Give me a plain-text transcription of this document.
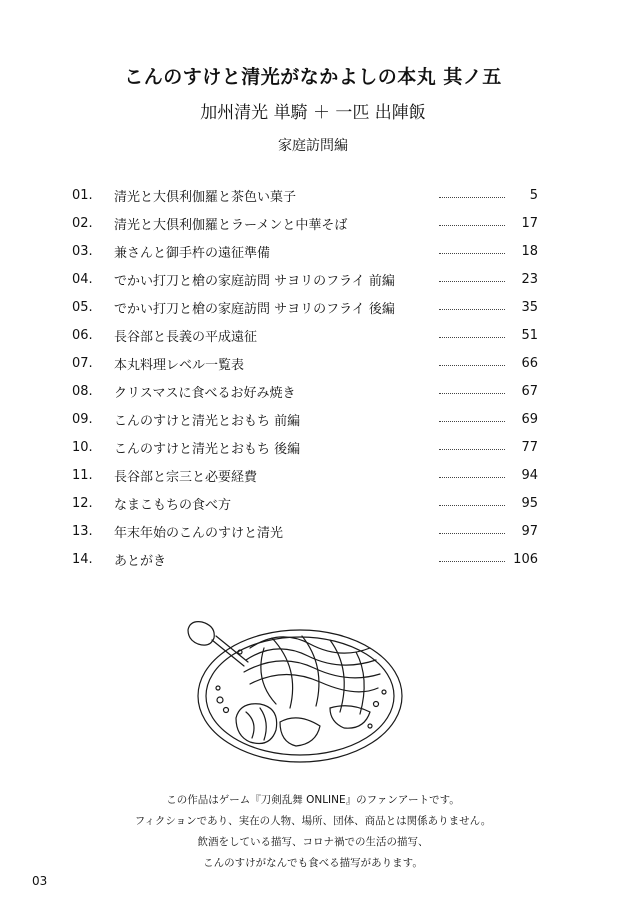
こんのすけと清光がなかよしの本丸 其ノ五
加州清光 単騎 ＋ 一匹 出陣飯
家庭訪問編
01.	清光と大倶利伽羅と茶色い菓子	5
02.	清光と大倶利伽羅とラーメンと中華そば	17
03.	兼さんと御手杵の遠征準備	18
04.	でかい打刀と槍の家庭訪問 サヨリのフライ 前編	23
05.	でかい打刀と槍の家庭訪問 サヨリのフライ 後編	35
06.	長谷部と長義の平成遠征	51
07.	本丸料理レベル一覧表	66
08.	クリスマスに食べるお好み焼き	67
09.	こんのすけと清光とおもち 前編	69
10.	こんのすけと清光とおもち 後編	77
11.	長谷部と宗三と必要経費	94
12.	なまこもちの食べ方	95
13.	年末年始のこんのすけと清光	97
14.	あとがき	106
この作品はゲーム『刀剣乱舞 ONLINE』のファンアートです。
フィクションであり、実在の人物、場所、団体、商品とは関係ありません。
飲酒をしている描写、コロナ禍での生活の描写、
こんのすけがなんでも食べる描写があります。
03
